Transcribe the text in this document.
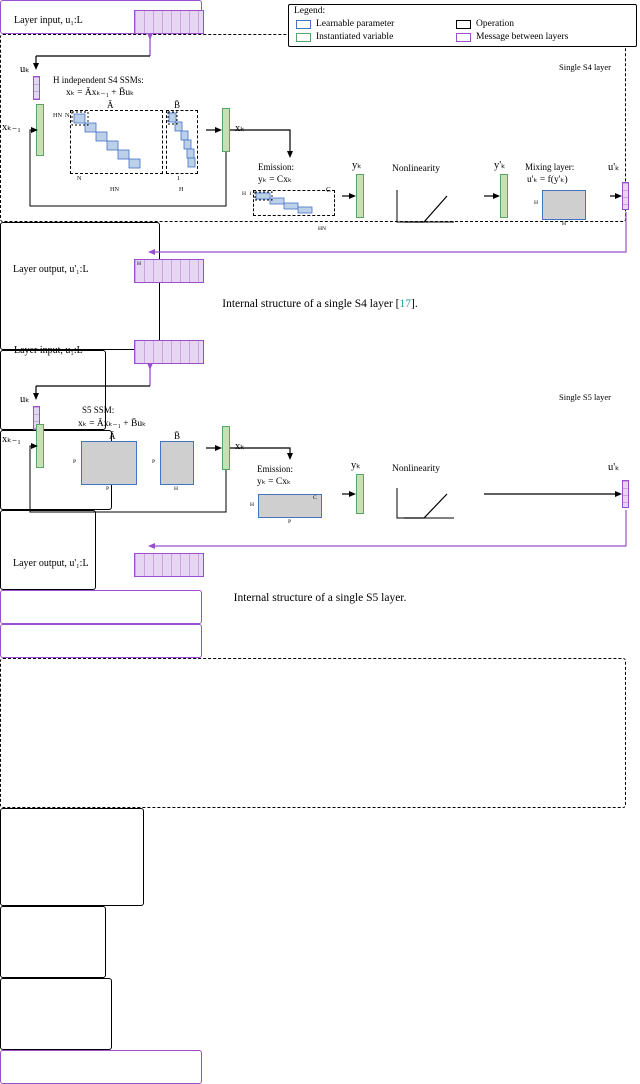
Legend:
Learnable parameter	Operation
Instantiated variable	Message between layers
Layer input, u₁:L
Single S4 layer
uₖ
xₖ₋₁
H independent S4 SSMs:
xₖ = Āxₖ₋₁ + B̄uₖ
Ā	B̄
HN N
N
HN
1
H
xₖ
Emission:
yₖ = Cxₖ
C
H 1
HN
yₖ	Nonlinearity	y'ₖ Mixing layer:
u'ₖ = f(y'ₖ)
H
H
u'ₖ
Layer output, u'₁:L	H
Internal structure of a single S4 layer [17].
Layer input, u₁:L
Single S5 layer
uₖ
xₖ₋₁
S5 SSM:
xₖ = Āxₖ₋₁ + B̄uₖ
Ā	B̄
P
P
P
H
xₖ
Emission:
yₖ = Cxₖ
C
H
P
yₖ	Nonlinearity	u'ₖ
Layer output, u'₁:L
Internal structure of a single S5 layer.
